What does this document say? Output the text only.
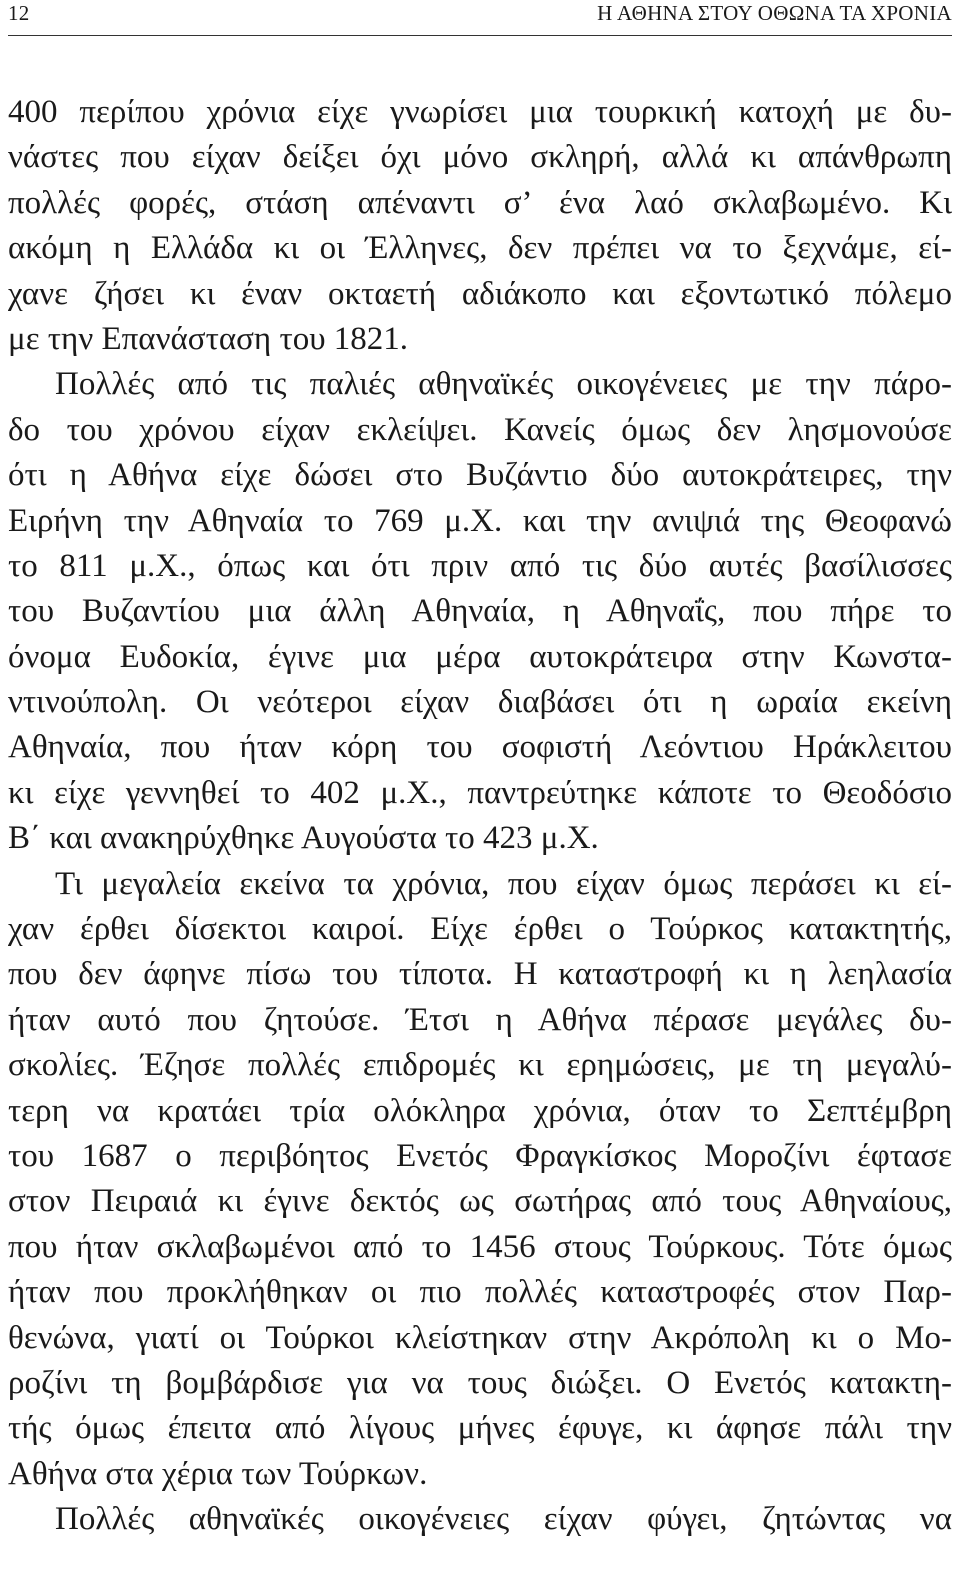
12	Η ΑΘΗΝΑ ΣΤΟΥ ΟΘΩΝΑ ΤΑ ΧΡΟΝΙΑ
400 περίπου χρόνια είχε γνωρίσει μια τουρκική κατοχή με δυ-
νάστες που είχαν δείξει όχι μόνο σκληρή, αλλά κι απάνθρωπη
πολλές φορές, στάση απέναντι σ’ ένα λαό σκλαβωμένο. Κι
ακόμη η Ελλάδα κι οι Έλληνες, δεν πρέπει να το ξεχνάμε, εί-
χανε ζήσει κι έναν οκταετή αδιάκοπο και εξοντωτικό πόλεμο
με την Επανάσταση του 1821.
Πολλές από τις παλιές αθηναϊκές οικογένειες με την πάρο-
δο του χρόνου είχαν εκλείψει. Κανείς όμως δεν λησμονούσε
ότι η Αθήνα είχε δώσει στο Βυζάντιο δύο αυτοκράτειρες, την
Ειρήνη την Αθηναία το 769 μ.Χ. και την ανιψιά της Θεοφανώ
το 811 μ.Χ., όπως και ότι πριν από τις δύο αυτές βασίλισσες
του Βυζαντίου μια άλλη Αθηναία, η Αθηναΐς, που πήρε το
όνομα Ευδοκία, έγινε μια μέρα αυτοκράτειρα στην Κωνστα-
ντινούπολη. Οι νεότεροι είχαν διαβάσει ότι η ωραία εκείνη
Αθηναία, που ήταν κόρη του σοφιστή Λεόντιου Ηράκλειτου
κι είχε γεννηθεί το 402 μ.Χ., παντρεύτηκε κάποτε το Θεοδόσιο
Β΄ και ανακηρύχθηκε Αυγούστα το 423 μ.Χ.
Τι μεγαλεία εκείνα τα χρόνια, που είχαν όμως περάσει κι εί-
χαν έρθει δίσεκτοι καιροί. Είχε έρθει ο Τούρκος κατακτητής,
που δεν άφηνε πίσω του τίποτα. Η καταστροφή κι η λεηλασία
ήταν αυτό που ζητούσε. Έτσι η Αθήνα πέρασε μεγάλες δυ-
σκολίες. Έζησε πολλές επιδρομές κι ερημώσεις, με τη μεγαλύ-
τερη να κρατάει τρία ολόκληρα χρόνια, όταν το Σεπτέμβρη
του 1687 ο περιβόητος Ενετός Φραγκίσκος Μοροζίνι έφτασε
στον Πειραιά κι έγινε δεκτός ως σωτήρας από τους Αθηναίους,
που ήταν σκλαβωμένοι από το 1456 στους Τούρκους. Τότε όμως
ήταν που προκλήθηκαν οι πιο πολλές καταστροφές στον Παρ-
θενώνα, γιατί οι Τούρκοι κλείστηκαν στην Ακρόπολη κι ο Μο-
ροζίνι τη βομβάρδισε για να τους διώξει. Ο Ενετός κατακτη-
τής όμως έπειτα από λίγους μήνες έφυγε, κι άφησε πάλι την
Αθήνα στα χέρια των Τούρκων.
Πολλές αθηναϊκές οικογένειες είχαν φύγει, ζητώντας να
